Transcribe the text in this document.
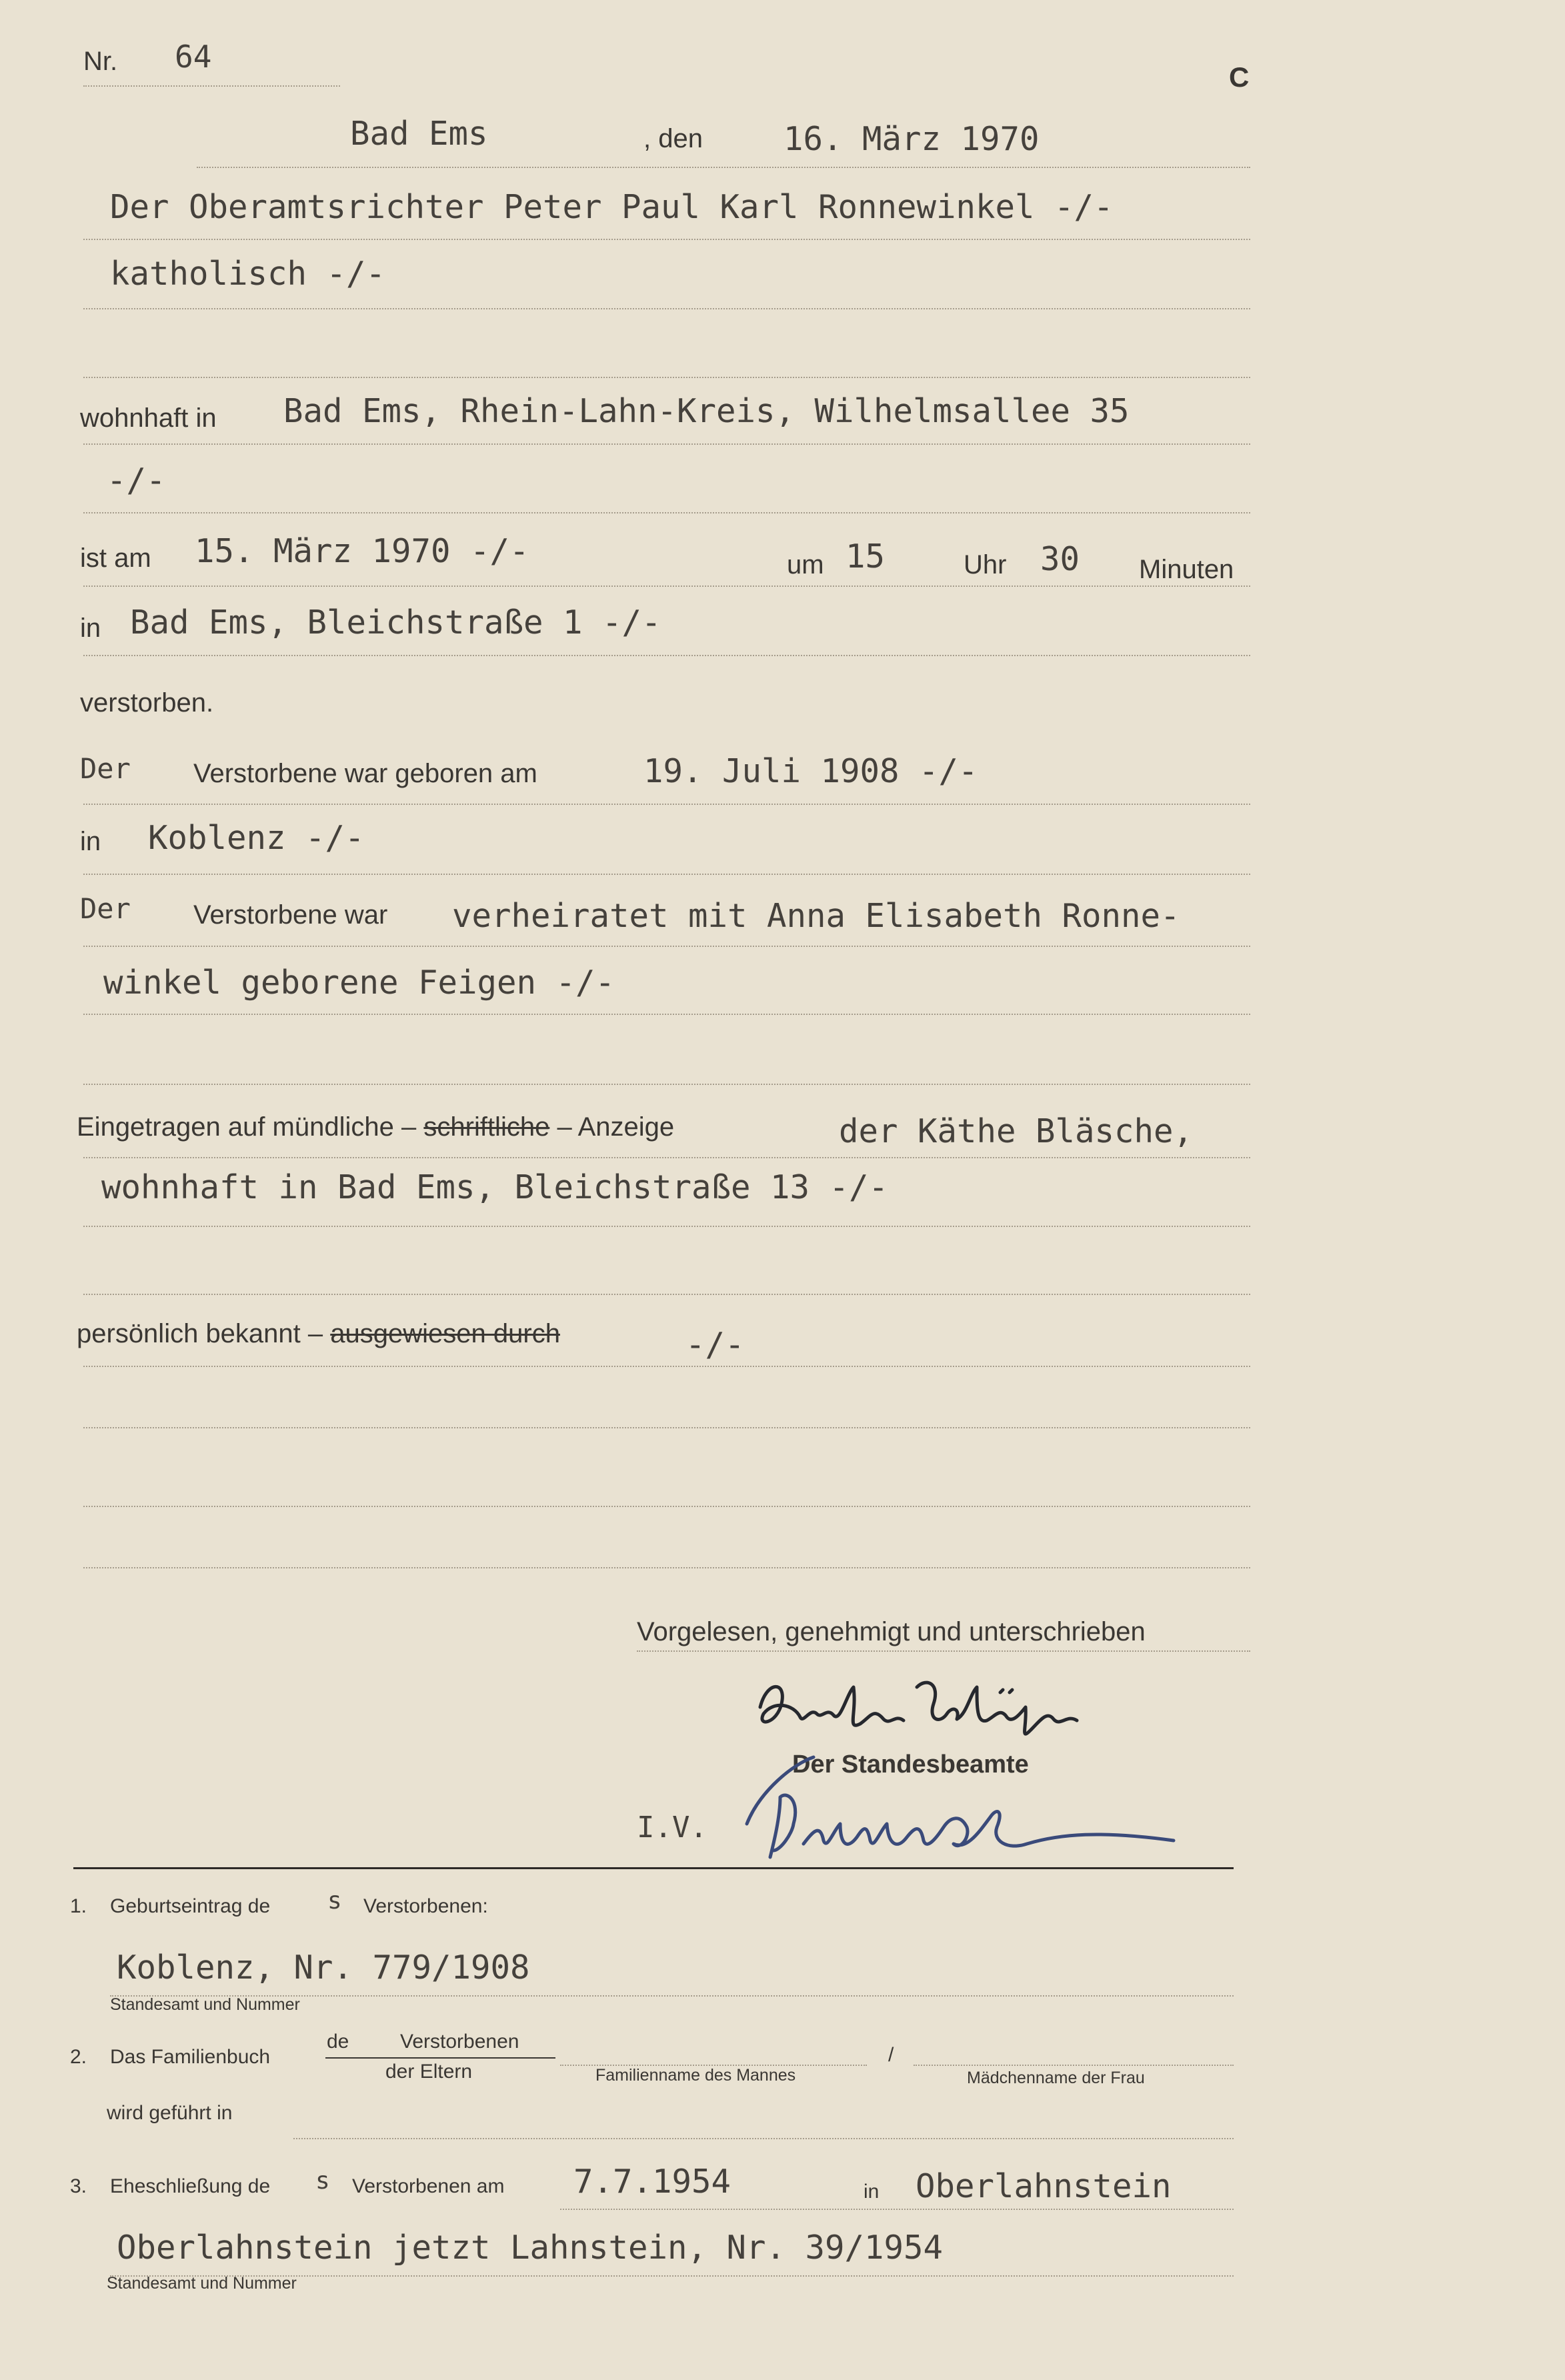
Nr. 64
C
Bad Ems	, den 16. März 1970
Der Oberamtsrichter Peter Paul Karl Ronnewinkel -/-
katholisch -/-
wohnhaft in Bad Ems, Rhein-Lahn-Kreis, Wilhelmsallee 35
-/-
ist am 15. März 1970 -/-	um 15	Uhr 30 Minuten
in Bad Ems, Bleichstraße 1 -/-
verstorben.
Der Verstorbene war geboren am	19. Juli 1908 -/-
in Koblenz -/-
Der Verstorbene war verheiratet mit Anna Elisabeth Ronne-
winkel geborene Feigen -/-
Eingetragen auf mündliche – schriftliche – Anzeige	der Käthe Bläsche,
wohnhaft in Bad Ems, Bleichstraße 13 -/-
persönlich bekannt – ausgewiesen durch	-/-
Vorgelesen, genehmigt und unterschrieben
Der Standesbeamte
I.V.
1. Geburtseintrag de s Verstorbenen:
Koblenz, Nr. 779/1908
Standesamt und Nummer
2. Das Familienbuch
de	Verstorbenen
der Eltern	Familienname des Mannes
/
Mädchenname der Frau
wird geführt in
3. Eheschließung de s Verstorbenen am 7.7.1954	in Oberlahnstein
Oberlahnstein jetzt Lahnstein, Nr. 39/1954
Standesamt und Nummer
